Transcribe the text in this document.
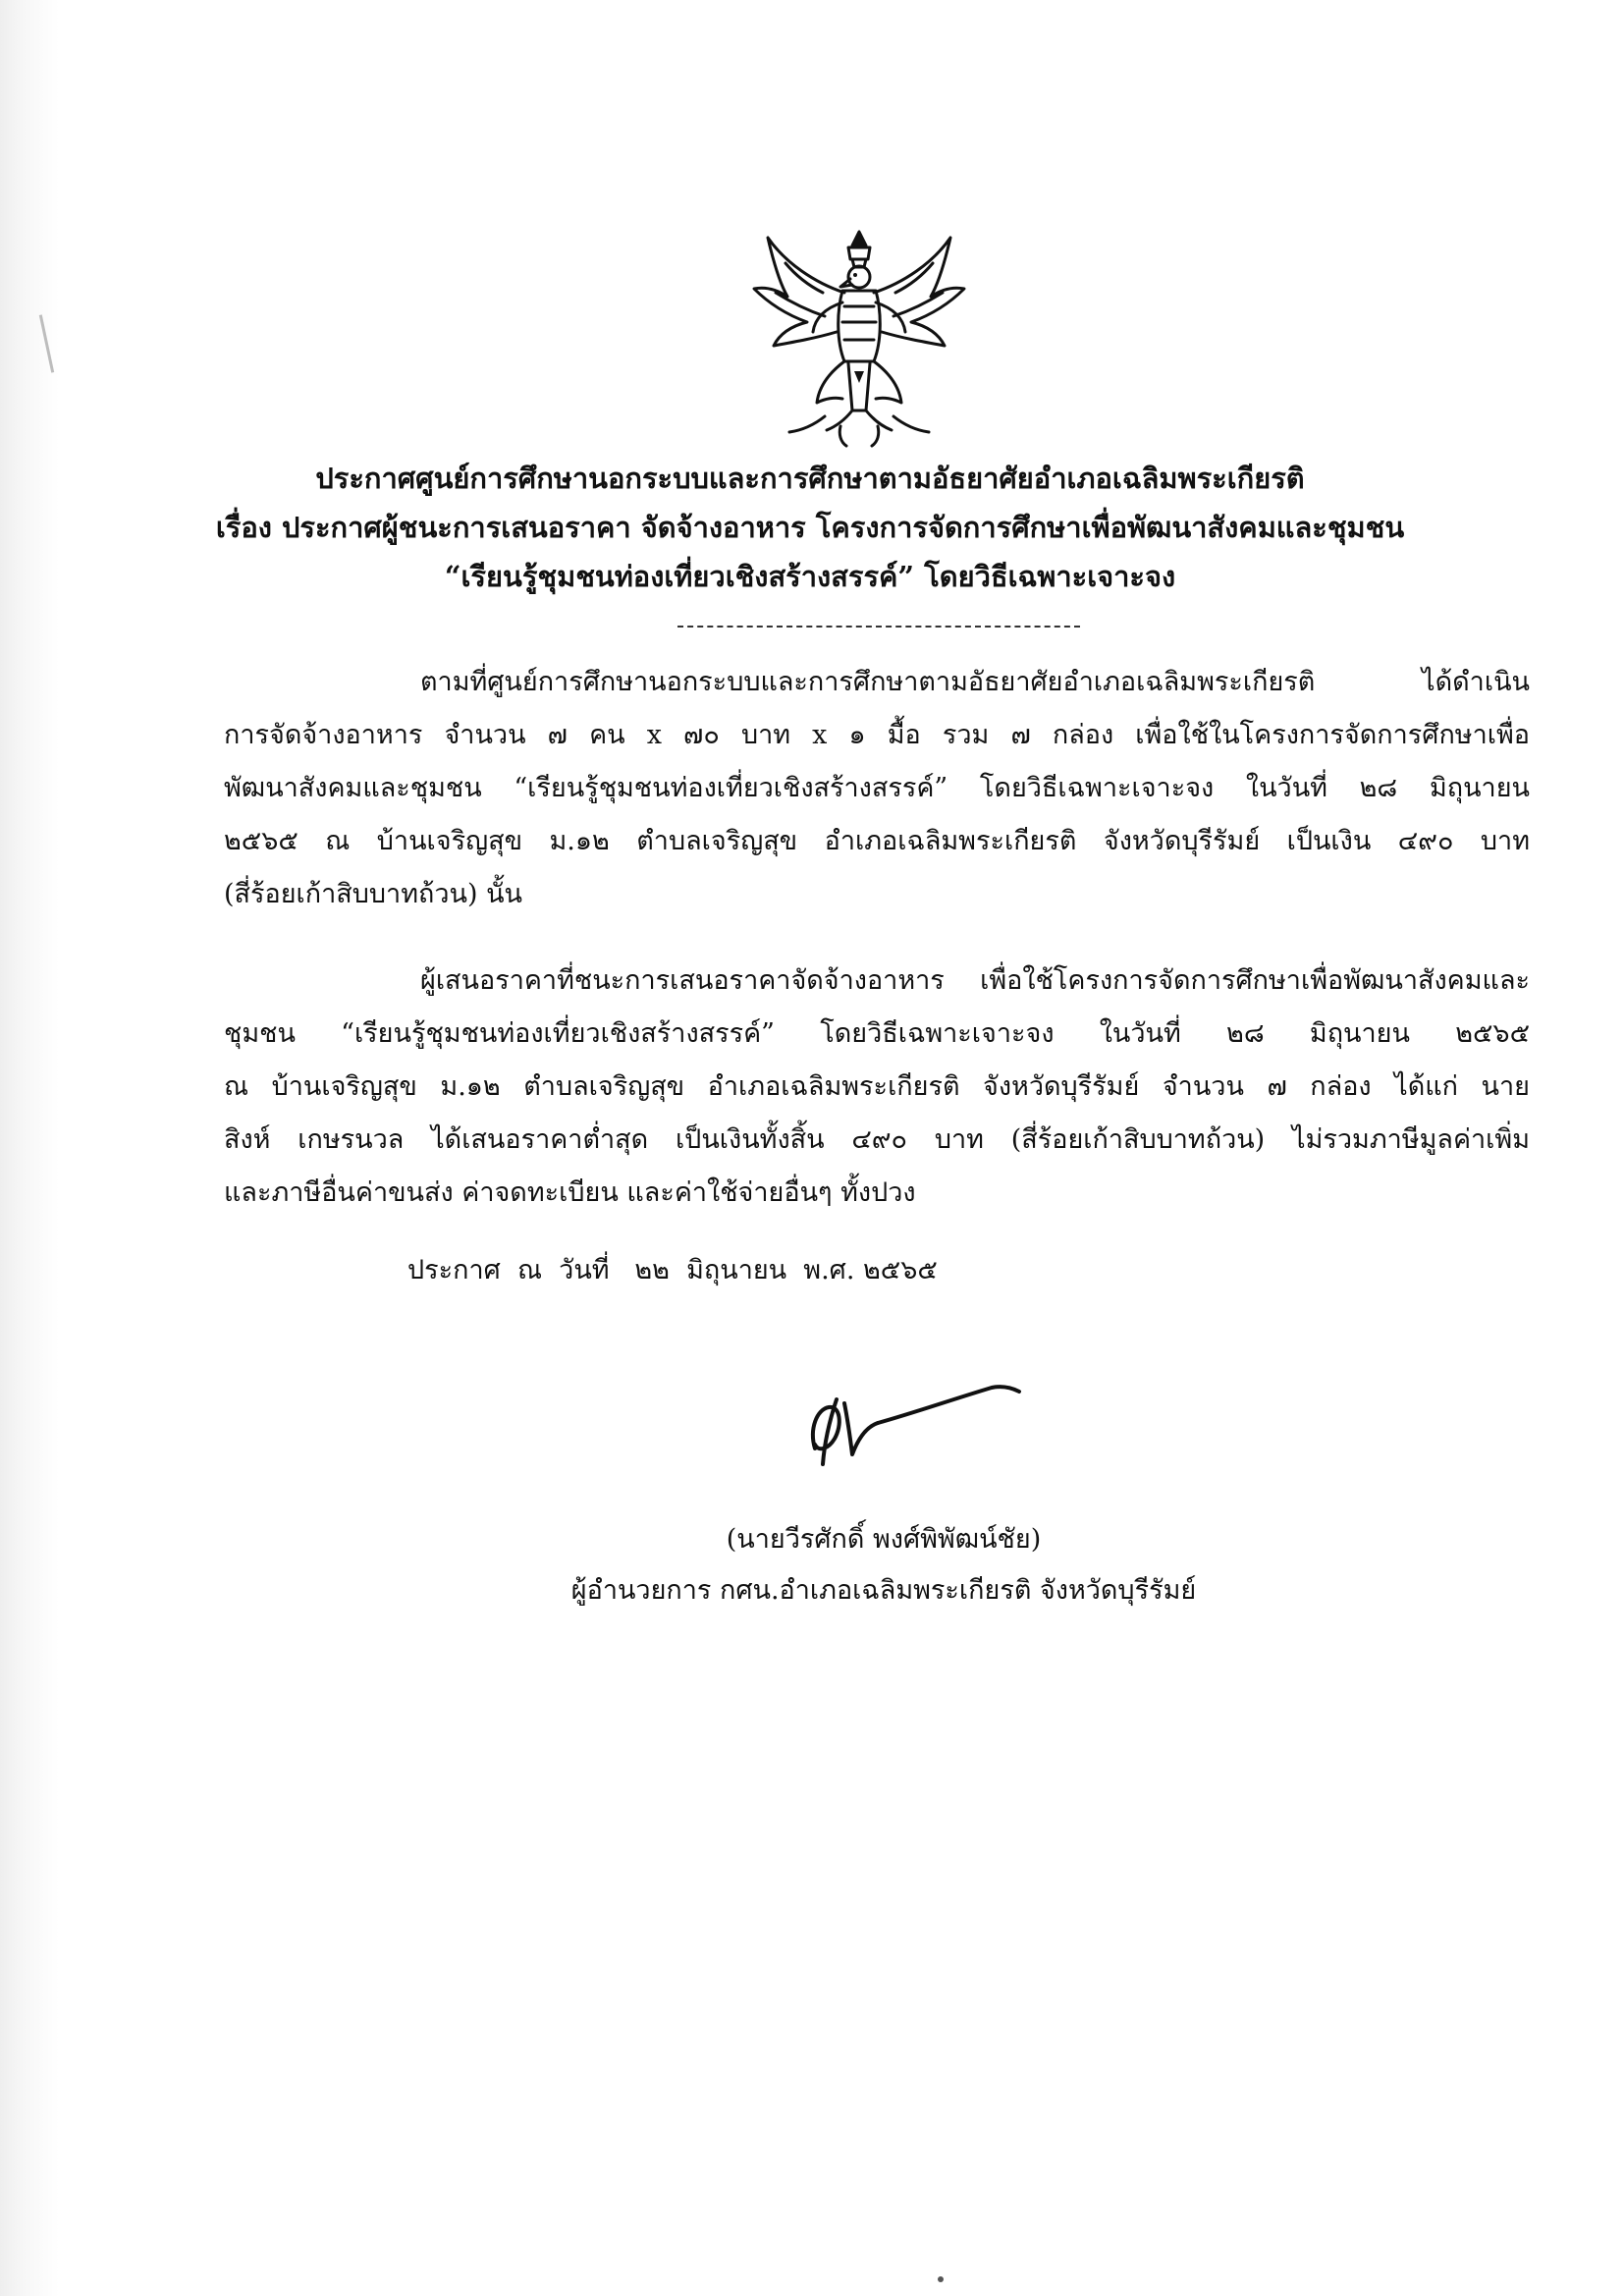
ประกาศศูนย์การศึกษานอกระบบและการศึกษาตามอัธยาศัยอำเภอเฉลิมพระเกียรติ
เรื่อง ประกาศผู้ชนะการเสนอราคา จัดจ้างอาหาร โครงการจัดการศึกษาเพื่อพัฒนาสังคมและชุมชน
“เรียนรู้ชุมชนท่องเที่ยวเชิงสร้างสรรค์” โดยวิธีเฉพาะเจาะจง
ตามที่ศูนย์การศึกษานอกระบบและการศึกษาตามอัธยาศัยอำเภอเฉลิมพระเกียรติ ได้ดำเนิน
การจัดจ้างอาหาร จำนวน ๗ คน x ๗๐ บาท x ๑ มื้อ รวม ๗ กล่อง เพื่อใช้ในโครงการจัดการศึกษาเพื่อ
พัฒนาสังคมและชุมชน “เรียนรู้ชุมชนท่องเที่ยวเชิงสร้างสรรค์” โดยวิธีเฉพาะเจาะจง ในวันที่ ๒๘ มิถุนายน
๒๕๖๕ ณ บ้านเจริญสุข ม.๑๒ ตำบลเจริญสุข อำเภอเฉลิมพระเกียรติ จังหวัดบุรีรัมย์ เป็นเงิน ๔๙๐ บาท
(สี่ร้อยเก้าสิบบาทถ้วน) นั้น
ผู้เสนอราคาที่ชนะการเสนอราคาจัดจ้างอาหาร เพื่อใช้โครงการจัดการศึกษาเพื่อพัฒนาสังคมและ
ชุมชน “เรียนรู้ชุมชนท่องเที่ยวเชิงสร้างสรรค์” โดยวิธีเฉพาะเจาะจง ในวันที่ ๒๘ มิถุนายน ๒๕๖๕
ณ บ้านเจริญสุข ม.๑๒ ตำบลเจริญสุข อำเภอเฉลิมพระเกียรติ จังหวัดบุรีรัมย์ จำนวน ๗ กล่อง ได้แก่ นาย
สิงห์ เกษรนวล ได้เสนอราคาต่ำสุด เป็นเงินทั้งสิ้น ๔๙๐ บาท (สี่ร้อยเก้าสิบบาทถ้วน) ไม่รวมภาษีมูลค่าเพิ่ม
และภาษีอื่นค่าขนส่ง ค่าจดทะเบียน และค่าใช้จ่ายอื่นๆ ทั้งปวง
ประกาศ  ณ  วันที่   ๒๒  มิถุนายน  พ.ศ. ๒๕๖๕
(นายวีรศักดิ์ พงศ์พิพัฒน์ชัย)
ผู้อำนวยการ กศน.อำเภอเฉลิมพระเกียรติ จังหวัดบุรีรัมย์
